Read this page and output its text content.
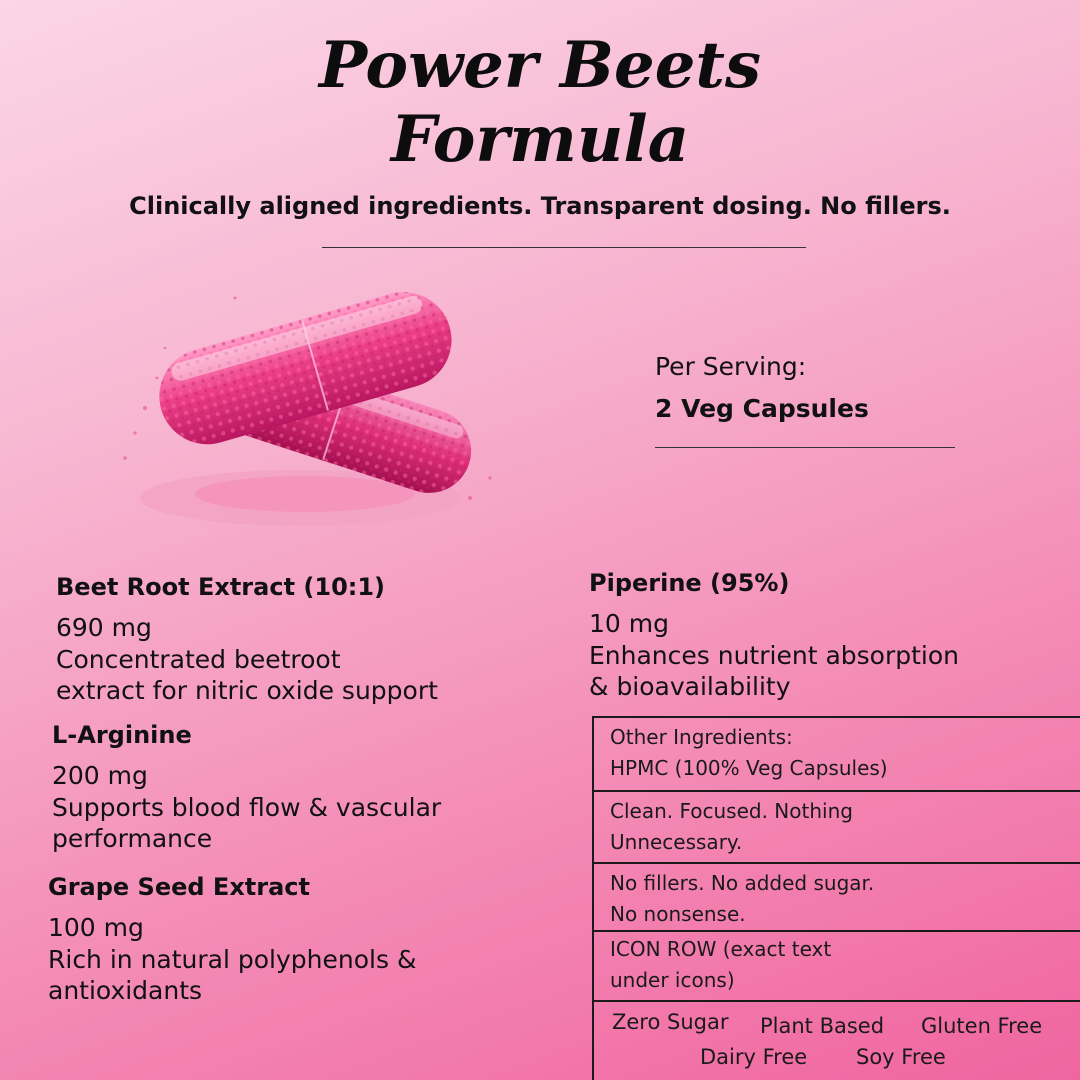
Power Beets
Formula
Clinically aligned ingredients. Transparent dosing. No fillers.
Per Serving:
2 Veg Capsules
Beet Root Extract (10:1)
690 mg
Concentrated beetroot
extract for nitric oxide support
L-Arginine
200 mg
Supports blood flow & vascular
performance
Grape Seed Extract
100 mg
Rich in natural polyphenols &
antioxidants
Piperine (95%)
10 mg
Enhances nutrient absorption
& bioavailability
Other Ingredients:
HPMC (100% Veg Capsules)
Clean. Focused. Nothing
Unnecessary.
No fillers. No added sugar.
No nonsense.
ICON ROW (exact text
under icons)
Zero Sugar Plant Based Gluten Free
Dairy Free Soy Free
